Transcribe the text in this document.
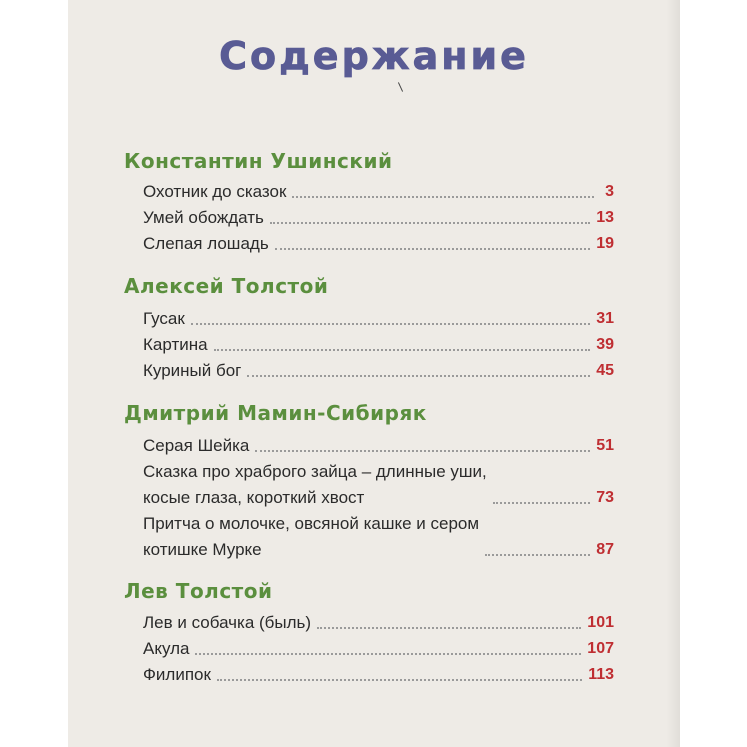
Содержание
Константин Ушинский
Охотник до сказок	3
Умей обождать	13
Слепая лошадь	19
Алексей Толстой
Гусак	31
Картина	39
Куриный бог	45
Дмитрий Мамин-Сибиряк
Серая Шейка	51
Сказка про храброго зайца – длинные уши,
косые глаза, короткий хвост	73
Притча о молочке, овсяной кашке и сером
котишке Мурке	87
Лев Толстой
Лев и собачка (быль)	101
Акула	107
Филипок	113
